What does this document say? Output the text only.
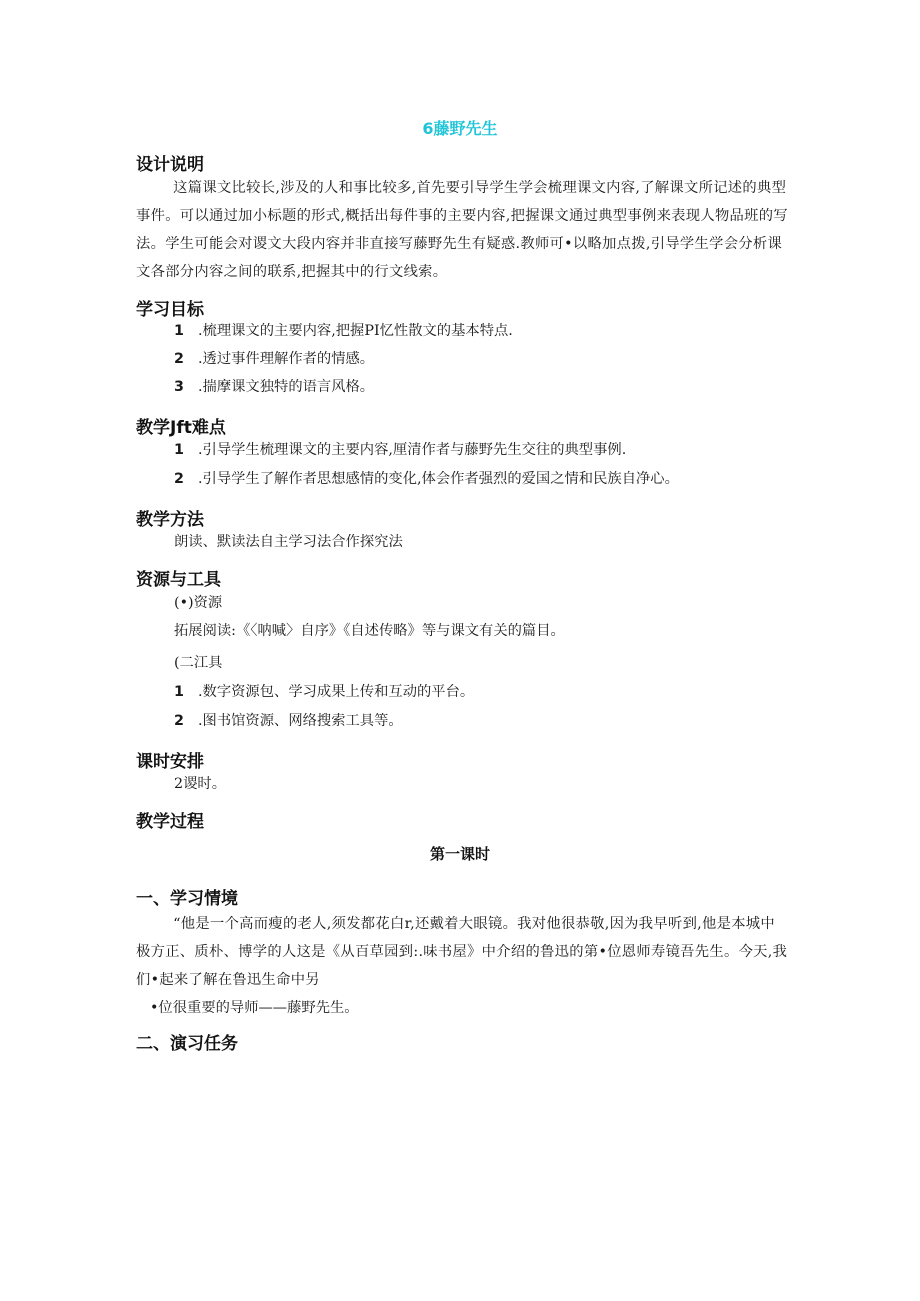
6藤野先生
设计说明
这篇课文比较长,涉及的人和事比较多,首先要引导学生学会梳理课文内容,了解课文所记述的典型事件。可以通过加小标题的形式,概括出每件事的主要内容,把握课文通过典型事例来表现人物品班的写法。学生可能会对谡文大段内容并非直接写藤野先生有疑惑.教师可•以略加点拨,引导学生学会分析课文各部分内容之间的联系,把握其中的行文线索。
学习目标
1 .梳理课文的主要内容,把握PI忆性散文的基本特点.
2 .透过事件理解作者的情感。
3 .揣摩课文独特的语言风格。
教学Jft难点
1 .引导学生梳理课文的主要内容,厘清作者与藤野先生交往的典型事例.
2 .引导学生了解作者思想感情的变化,体会作者强烈的爱国之情和民族自净心。
教学方法
朗读、默读法自主学习法合作探究法
资源与工具
(•)资源
拓展阅读:《〈呐喊〉自序》《自述传略》等与课文有关的篇目。
(二江具
1 .数字资源包、学习成果上传和互动的平台。
2 .图书馆资源、网络搜索工具等。
课时安排
2谡时。
教学过程
第一课时
一、学习情境
“他是一个高而瘦的老人,须发都花白r,还戴着大眼镜。我对他很恭敬,因为我早听到,他是本城中极方正、质朴、博学的人这是《从百草园到:.味书屋》中介绍的鲁迅的第•位恩师寿镜吾先生。今天,我们•起来了解在鲁迅生命中另
•位很重要的导师——藤野先生。
二、演习任务
